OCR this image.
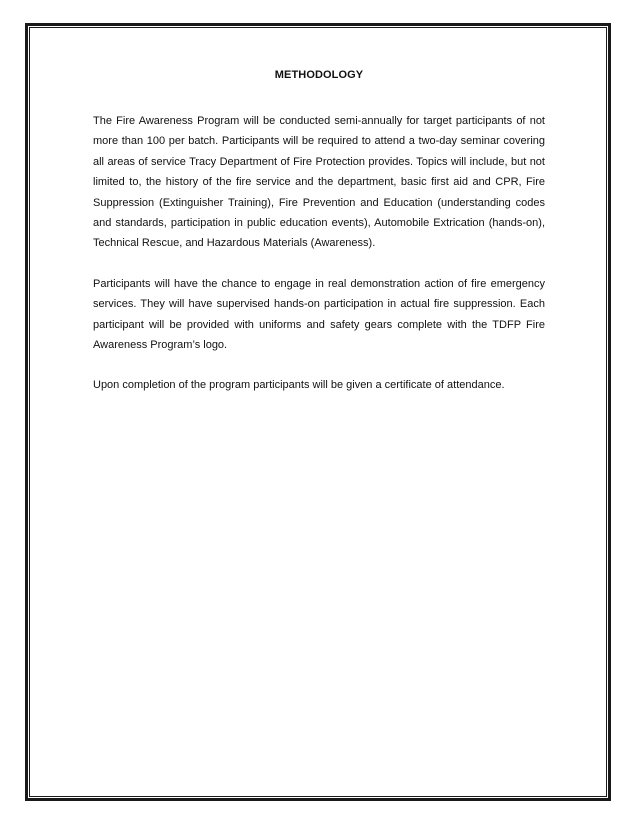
METHODOLOGY

The Fire Awareness Program will be conducted semi-annually for target participants of not more than 100 per batch. Participants will be required to attend a two-day seminar covering all areas of service Tracy Department of Fire Protection provides. Topics will include, but not limited to, the history of the fire service and the department, basic first aid and CPR, Fire Suppression (Extinguisher Training), Fire Prevention and Education (understanding codes and standards, participation in public education events), Automobile Extrication (hands-on), Technical Rescue, and Hazardous Materials (Awareness).

Participants will have the chance to engage in real demonstration action of fire emergency services. They will have supervised hands-on participation in actual fire suppression. Each participant will be provided with uniforms and safety gears complete with the TDFP Fire Awareness Program’s logo.

Upon completion of the program participants will be given a certificate of attendance.
